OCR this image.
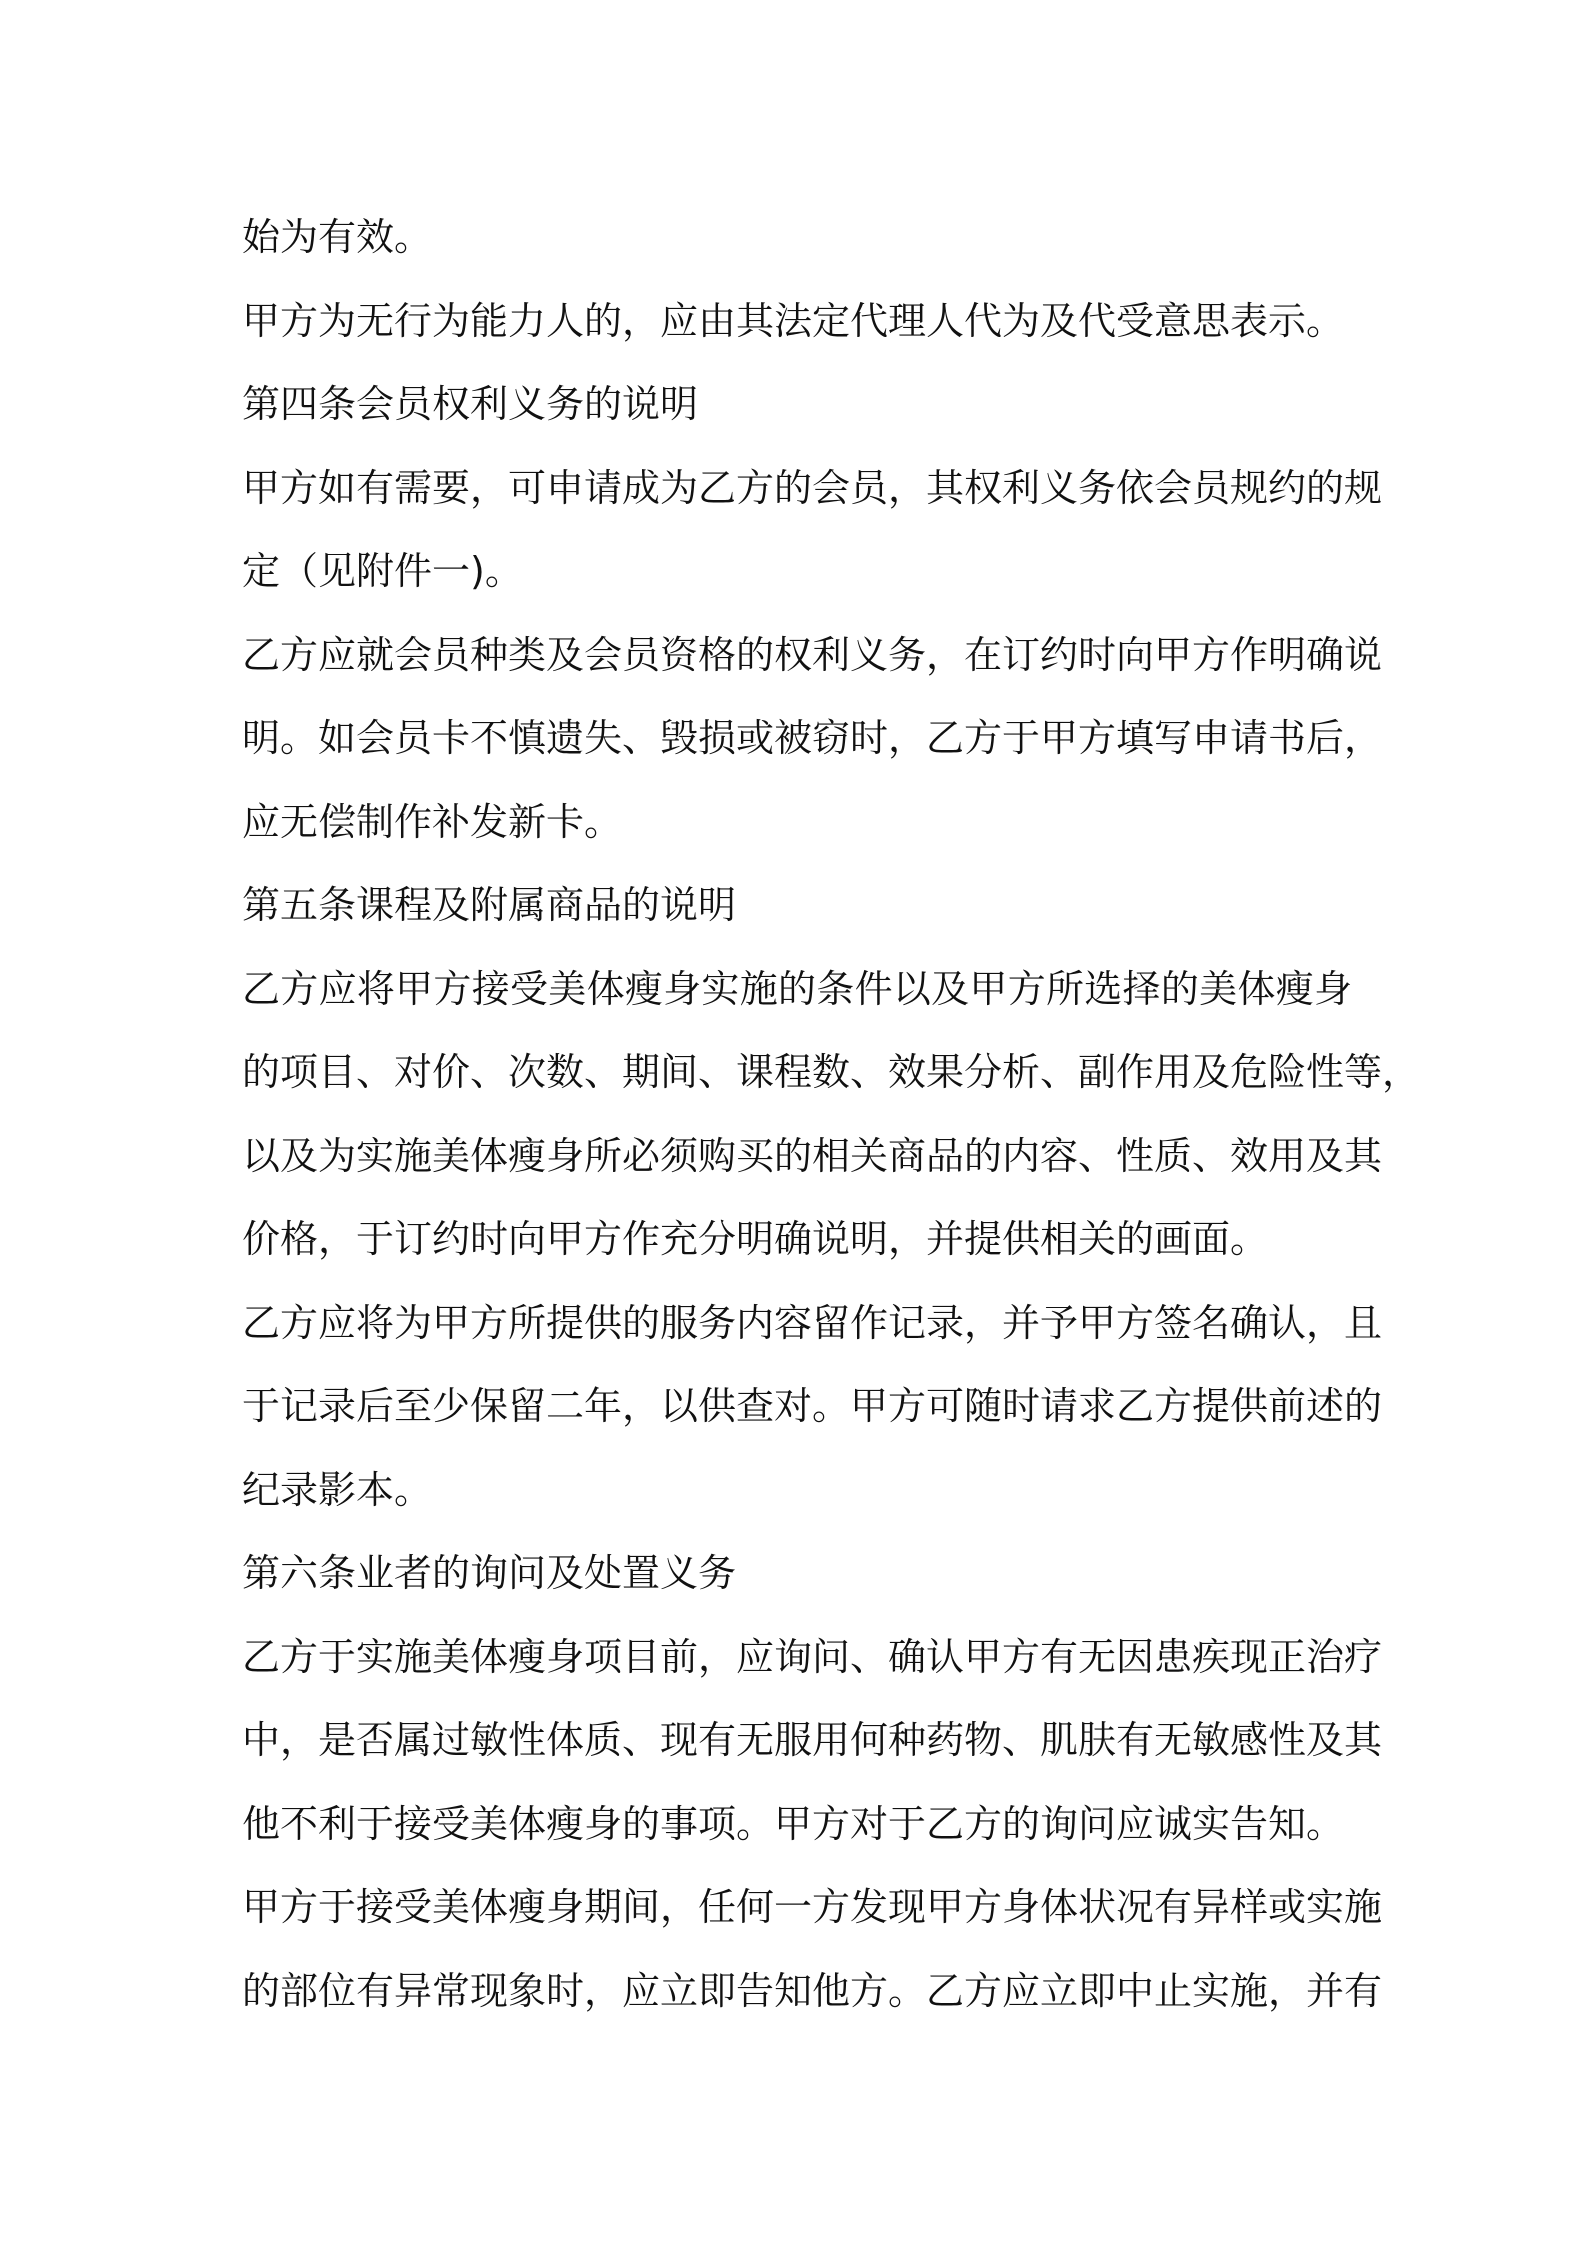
始为有效。
甲方为无行为能力人的，应由其法定代理人代为及代受意思表示。
第四条会员权利义务的说明
甲方如有需要，可申请成为乙方的会员，其权利义务依会员规约的规
定（见附件一)。
乙方应就会员种类及会员资格的权利义务，在订约时向甲方作明确说
明。如会员卡不慎遗失、毁损或被窃时，乙方于甲方填写申请书后，
应无偿制作补发新卡。
第五条课程及附属商品的说明
乙方应将甲方接受美体瘦身实施的条件以及甲方所选择的美体瘦身
的项目、对价、次数、期间、课程数、效果分析、副作用及危险性等，
以及为实施美体瘦身所必须购买的相关商品的内容、性质、效用及其
价格，于订约时向甲方作充分明确说明，并提供相关的画面。
乙方应将为甲方所提供的服务内容留作记录，并予甲方签名确认，且
于记录后至少保留二年，以供查对。甲方可随时请求乙方提供前述的
纪录影本。
第六条业者的询问及处置义务
乙方于实施美体瘦身项目前，应询问、确认甲方有无因患疾现正治疗
中，是否属过敏性体质、现有无服用何种药物、肌肤有无敏感性及其
他不利于接受美体瘦身的事项。甲方对于乙方的询问应诚实告知。
甲方于接受美体瘦身期间，任何一方发现甲方身体状况有异样或实施
的部位有异常现象时，应立即告知他方。乙方应立即中止实施，并有
